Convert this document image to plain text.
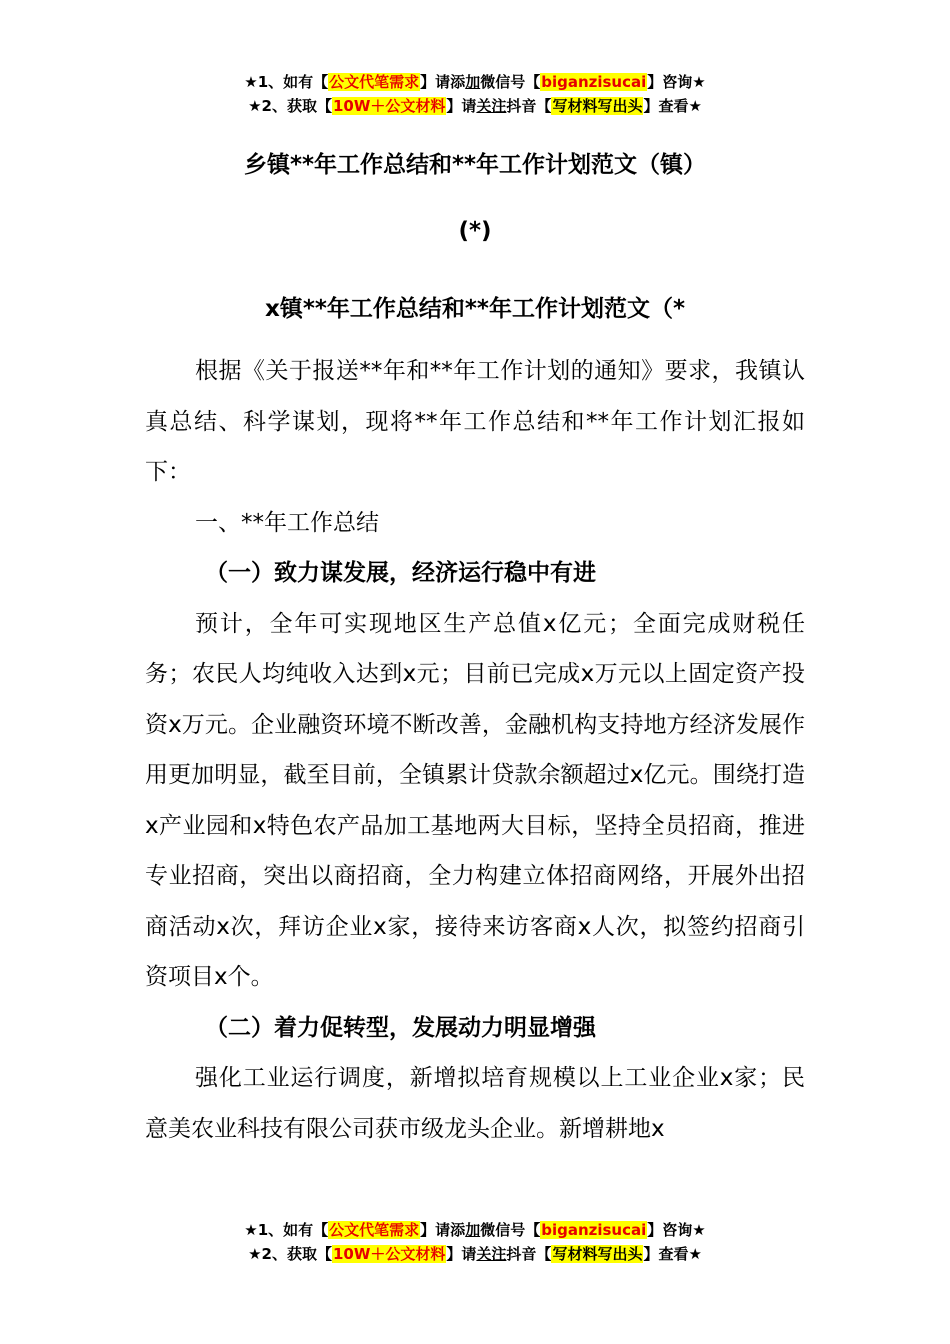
★1、如有【公文代笔需求】请添加微信号【biganzisucai】咨询★
★2、获取【10W＋公文材料】请关注抖音【写材料写出头】查看★
乡镇**年工作总结和**年工作计划范文（镇）
(*)
x镇**年工作总结和**年工作计划范文（*

根据《关于报送**年和**年工作计划的通知》要求，我镇认真总结、科学谋划，现将**年工作总结和**年工作计划汇报如下：

一、**年工作总结

（一）致力谋发展，经济运行稳中有进

预计，全年可实现地区生产总值x亿元；全面完成财税任务；农民人均纯收入达到x元；目前已完成x万元以上固定资产投资x万元。企业融资环境不断改善，金融机构支持地方经济发展作用更加明显，截至目前，全镇累计贷款余额超过x亿元。围绕打造x产业园和x特色农产品加工基地两大目标，坚持全员招商，推进专业招商，突出以商招商，全力构建立体招商网络，开展外出招商活动x次，拜访企业x家，接待来访客商x人次，拟签约招商引资项目x个。

（二）着力促转型，发展动力明显增强

强化工业运行调度，新增拟培育规模以上工业企业x家；民意美农业科技有限公司获市级龙头企业。新增耕地x

★1、如有【公文代笔需求】请添加微信号【biganzisucai】咨询★
★2、获取【10W＋公文材料】请关注抖音【写材料写出头】查看★
